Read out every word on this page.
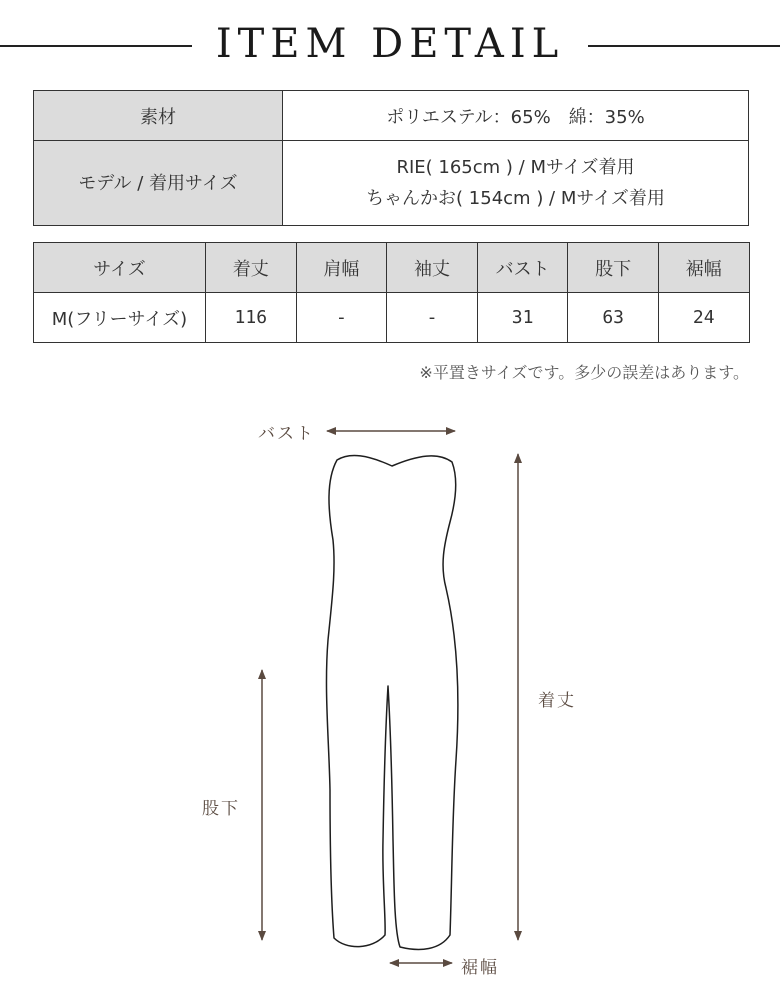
ITEM DETAIL
素材	ポリエステル：65%　綿：35%
モデル / 着用サイズ	RIE( 165cm ) / Mサイズ着用
ちゃんかお( 154cm ) / Mサイズ着用
サイズ	着丈	肩幅	袖丈	バスト	股下	裾幅
M(フリーサイズ)	116	-	-	31	63	24
※平置きサイズです。多少の誤差はあります。
バスト
着丈
股下
裾幅
